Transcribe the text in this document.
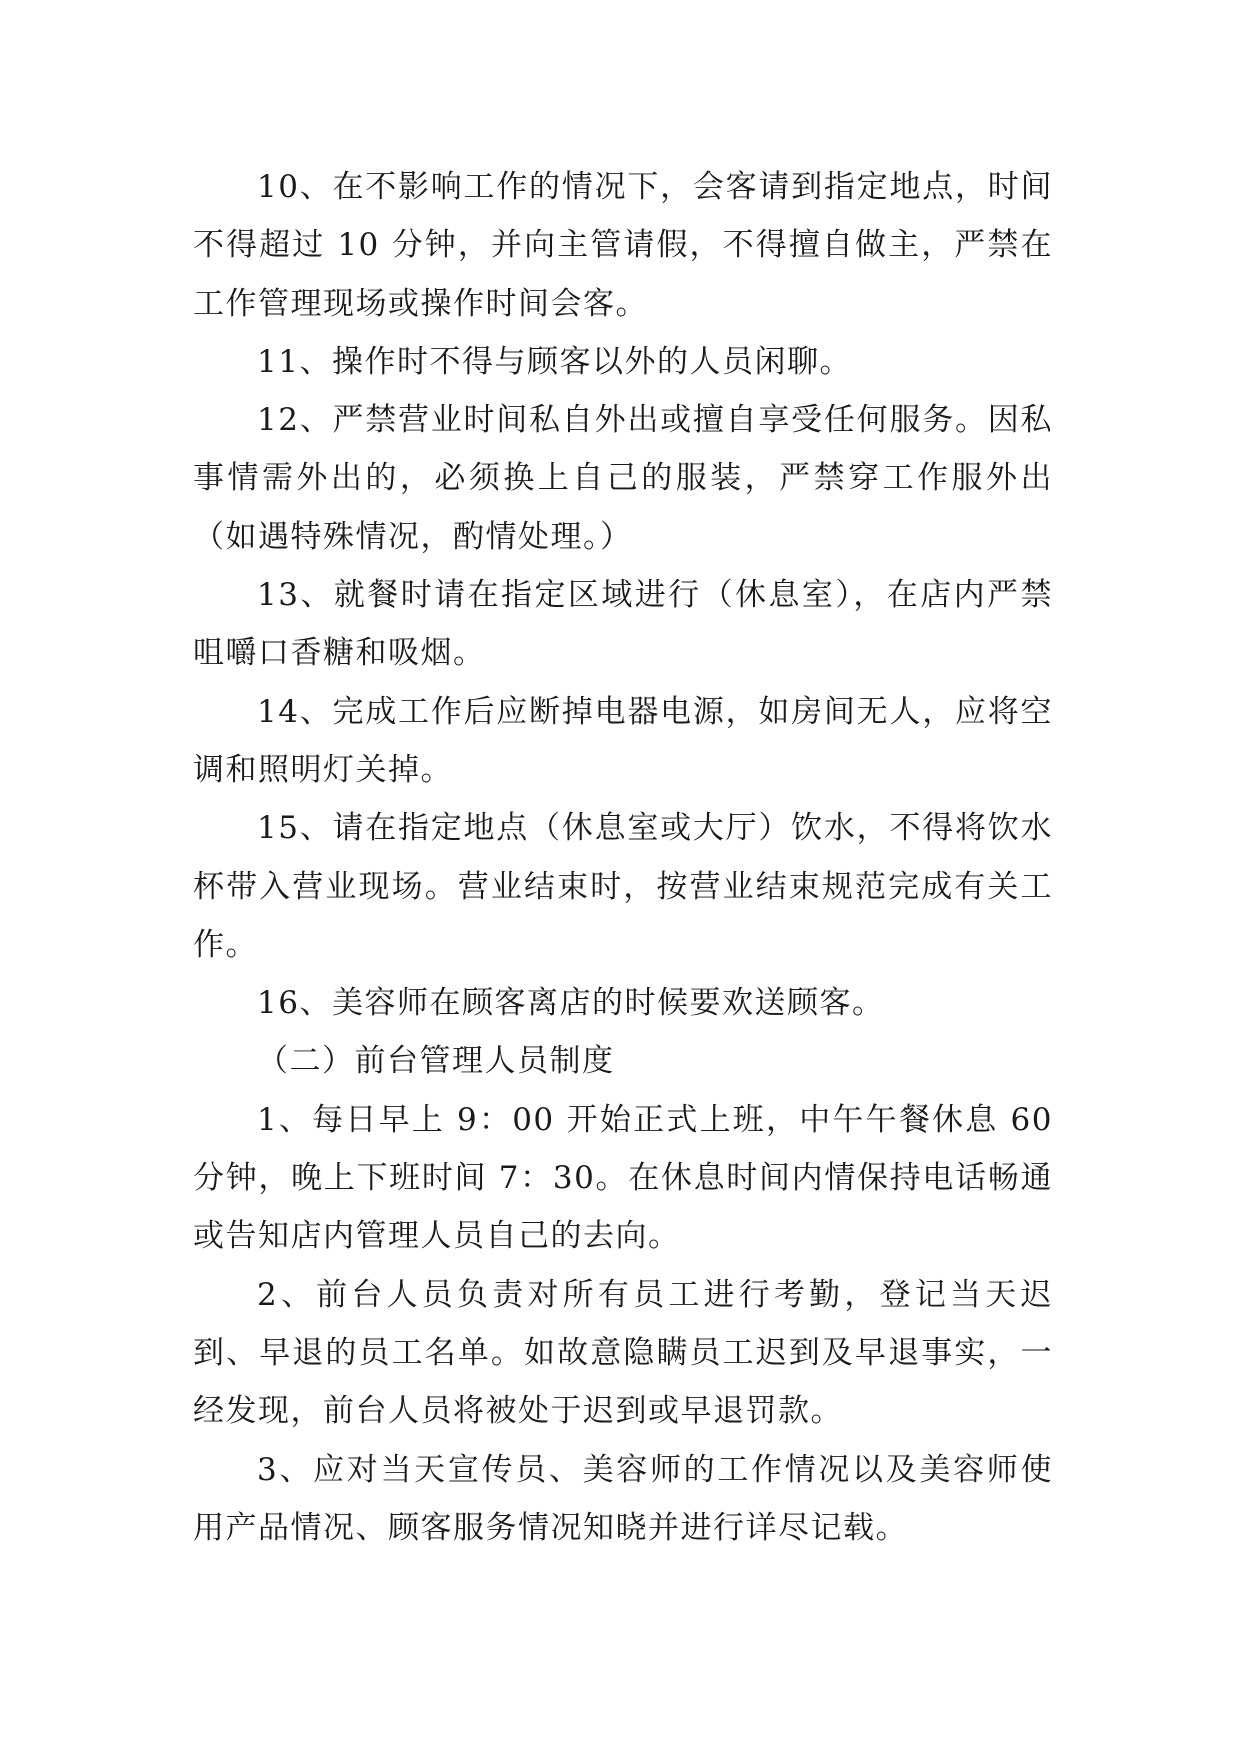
10、在不影响工作的情况下，会客请到指定地点，时间不得超过 10 分钟，并向主管请假，不得擅自做主，严禁在工作管理现场或操作时间会客。

11、操作时不得与顾客以外的人员闲聊。

12、严禁营业时间私自外出或擅自享受任何服务。因私事情需外出的，必须换上自己的服装，严禁穿工作服外出（如遇特殊情况，酌情处理。）

13、就餐时请在指定区域进行（休息室），在店内严禁咀嚼口香糖和吸烟。

14、完成工作后应断掉电器电源，如房间无人，应将空调和照明灯关掉。

15、请在指定地点（休息室或大厅）饮水，不得将饮水杯带入营业现场。营业结束时，按营业结束规范完成有关工作。

16、美容师在顾客离店的时候要欢送顾客。

（二）前台管理人员制度

1、每日早上 9：00 开始正式上班，中午午餐休息 60 分钟，晚上下班时间 7：30。在休息时间内情保持电话畅通或告知店内管理人员自己的去向。

2、前台人员负责对所有员工进行考勤，登记当天迟到、早退的员工名单。如故意隐瞒员工迟到及早退事实，一经发现，前台人员将被处于迟到或早退罚款。

3、应对当天宣传员、美容师的工作情况以及美容师使用产品情况、顾客服务情况知晓并进行详尽记载。
